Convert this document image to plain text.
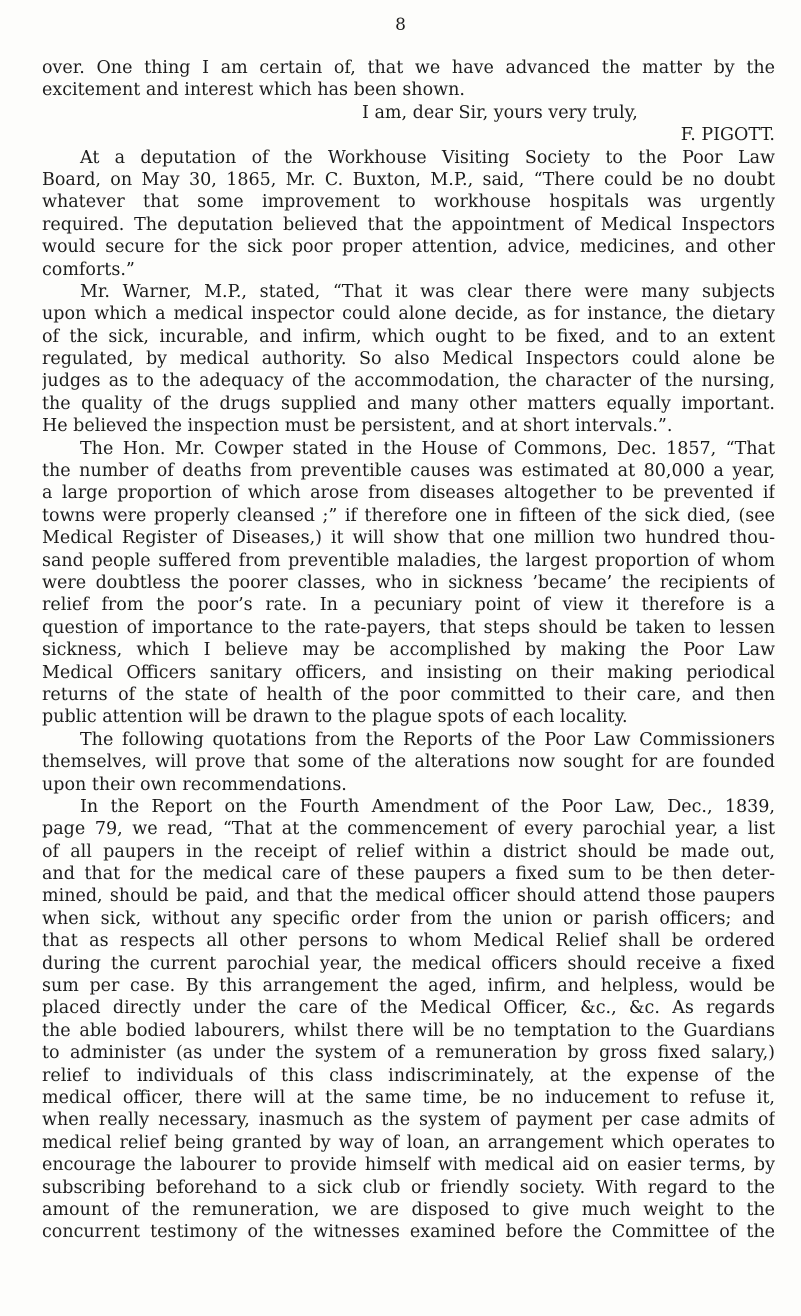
8
over. One thing I am certain of, that we have advanced the matter by the
excitement and interest which has been shown.
I am, dear Sir, yours very truly,
F. PIGOTT.
At a deputation of the Workhouse Visiting Society to the Poor Law
Board, on May 30, 1865, Mr. C. Buxton, M.P., said, “There could be no doubt
whatever that some improvement to workhouse hospitals was urgently
required. The deputation believed that the appointment of Medical Inspectors
would secure for the sick poor proper attention, advice, medicines, and other
comforts.”
Mr. Warner, M.P., stated, “That it was clear there were many subjects
upon which a medical inspector could alone decide, as for instance, the dietary
of the sick, incurable, and infirm, which ought to be fixed, and to an extent
regulated, by medical authority. So also Medical Inspectors could alone be
judges as to the adequacy of the accommodation, the character of the nursing,
the quality of the drugs supplied and many other matters equally important.
He believed the inspection must be persistent, and at short intervals.”.
The Hon. Mr. Cowper stated in the House of Commons, Dec. 1857, “That
the number of deaths from preventible causes was estimated at 80,000 a year,
a large proportion of which arose from diseases altogether to be prevented if
towns were properly cleansed ;” if therefore one in fifteen of the sick died, (see
Medical Register of Diseases,) it will show that one million two hundred thou-
sand people suffered from preventible maladies, the largest proportion of whom
were doubtless the poorer classes, who in sickness ’became’ the recipients of
relief from the poor’s rate. In a pecuniary point of view it therefore is a
question of importance to the rate-payers, that steps should be taken to lessen
sickness, which I believe may be accomplished by making the Poor Law
Medical Officers sanitary officers, and insisting on their making periodical
returns of the state of health of the poor committed to their care, and then
public attention will be drawn to the plague spots of each locality.
The following quotations from the Reports of the Poor Law Commissioners
themselves, will prove that some of the alterations now sought for are founded
upon their own recommendations.
In the Report on the Fourth Amendment of the Poor Law, Dec., 1839,
page 79, we read, “That at the commencement of every parochial year, a list
of all paupers in the receipt of relief within a district should be made out,
and that for the medical care of these paupers a fixed sum to be then deter-
mined, should be paid, and that the medical officer should attend those paupers
when sick, without any specific order from the union or parish officers; and
that as respects all other persons to whom Medical Relief shall be ordered
during the current parochial year, the medical officers should receive a fixed
sum per case. By this arrangement the aged, infirm, and helpless, would be
placed directly under the care of the Medical Officer, &c., &c. As regards
the able bodied labourers, whilst there will be no temptation to the Guardians
to administer (as under the system of a remuneration by gross fixed salary,)
relief to individuals of this class indiscriminately, at the expense of the
medical officer, there will at the same time, be no inducement to refuse it,
when really necessary, inasmuch as the system of payment per case admits of
medical relief being granted by way of loan, an arrangement which operates to
encourage the labourer to provide himself with medical aid on easier terms, by
subscribing beforehand to a sick club or friendly society. With regard to the
amount of the remuneration, we are disposed to give much weight to the
concurrent testimony of the witnesses examined before the Committee of the
